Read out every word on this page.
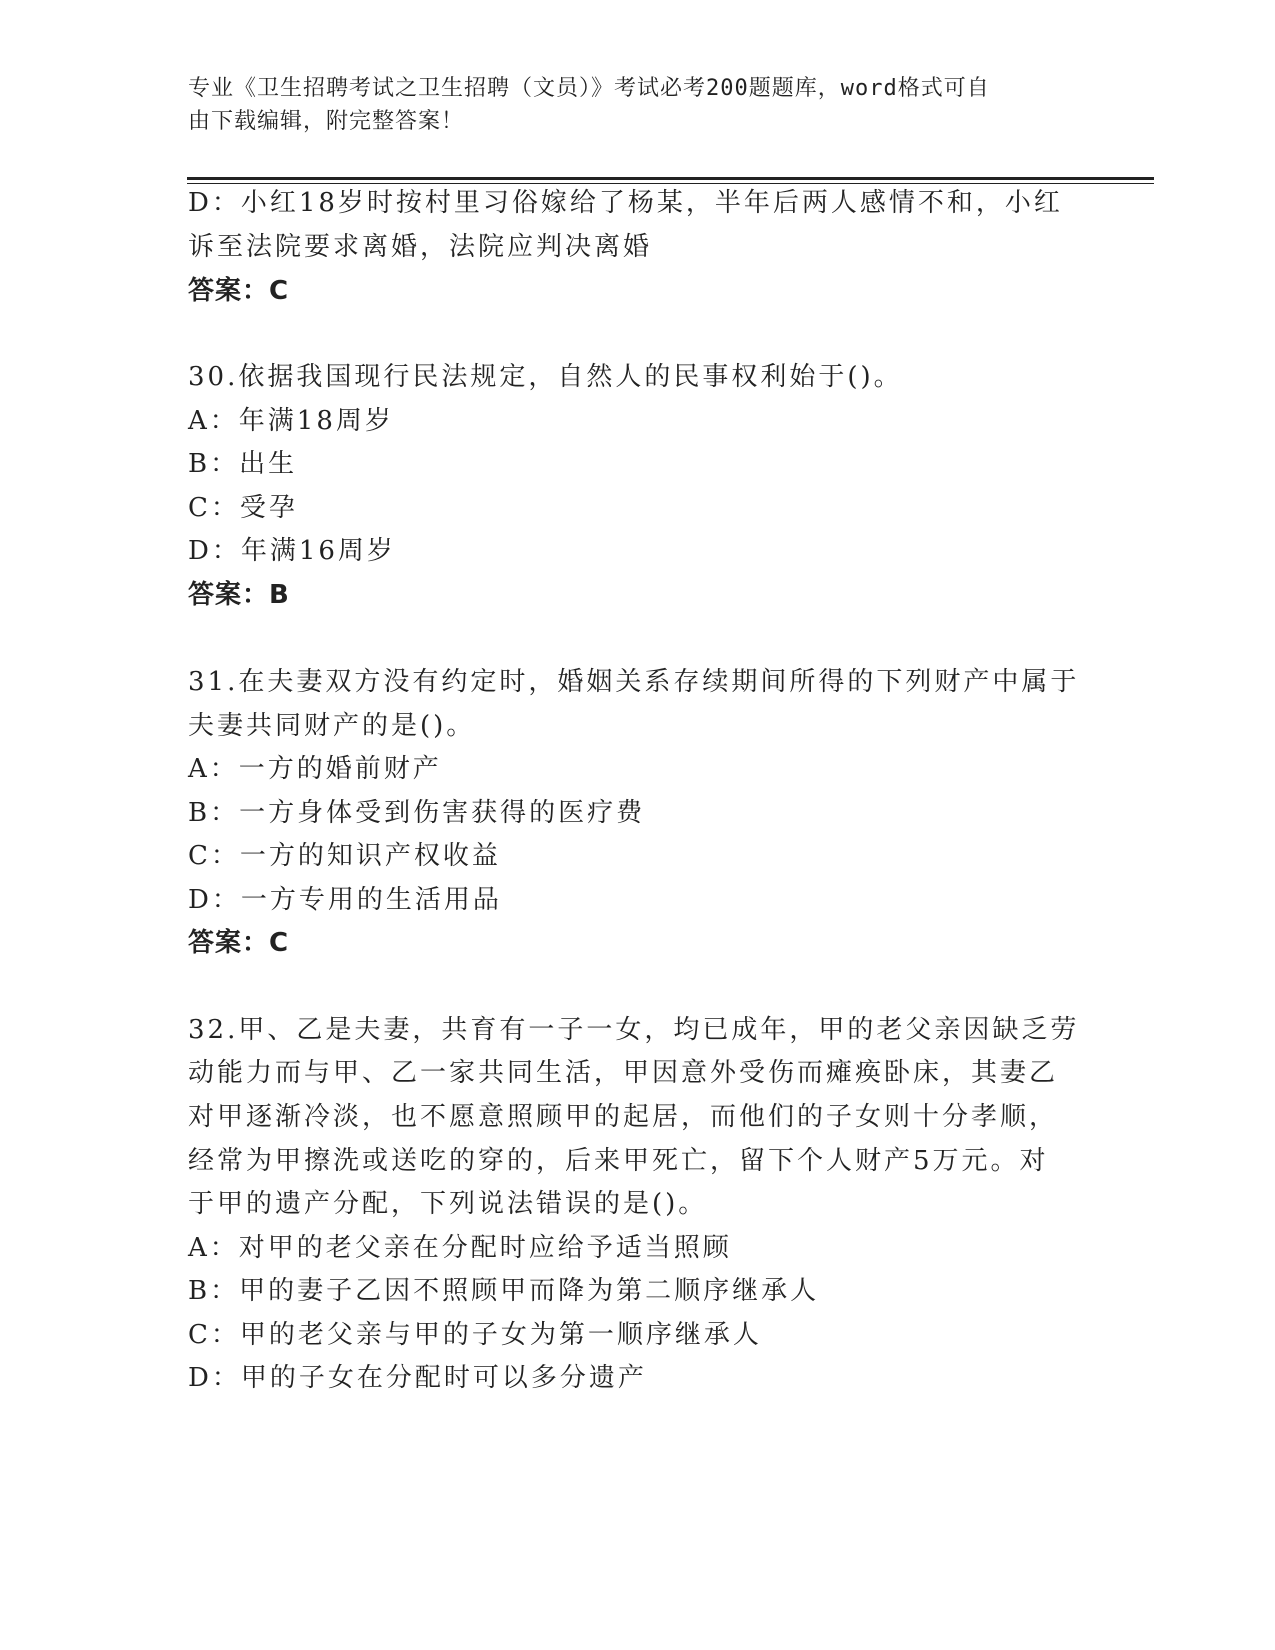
专业《卫生招聘考试之卫生招聘（文员）》考试必考200题题库，word格式可自
由下载编辑，附完整答案！
D：小红18岁时按村里习俗嫁给了杨某，半年后两人感情不和，小红
诉至法院要求离婚，法院应判决离婚
答案：C
30.依据我国现行民法规定，自然人的民事权利始于()。
A：年满18周岁
B：出生
C：受孕
D：年满16周岁
答案：B
31.在夫妻双方没有约定时，婚姻关系存续期间所得的下列财产中属于
夫妻共同财产的是()。
A：一方的婚前财产
B：一方身体受到伤害获得的医疗费
C：一方的知识产权收益
D：一方专用的生活用品
答案：C
32.甲、乙是夫妻，共育有一子一女，均已成年，甲的老父亲因缺乏劳
动能力而与甲、乙一家共同生活，甲因意外受伤而瘫痪卧床，其妻乙
对甲逐渐冷淡，也不愿意照顾甲的起居，而他们的子女则十分孝顺，
经常为甲擦洗或送吃的穿的，后来甲死亡，留下个人财产5万元。对
于甲的遗产分配，下列说法错误的是()。
A：对甲的老父亲在分配时应给予适当照顾
B：甲的妻子乙因不照顾甲而降为第二顺序继承人
C：甲的老父亲与甲的子女为第一顺序继承人
D：甲的子女在分配时可以多分遗产
